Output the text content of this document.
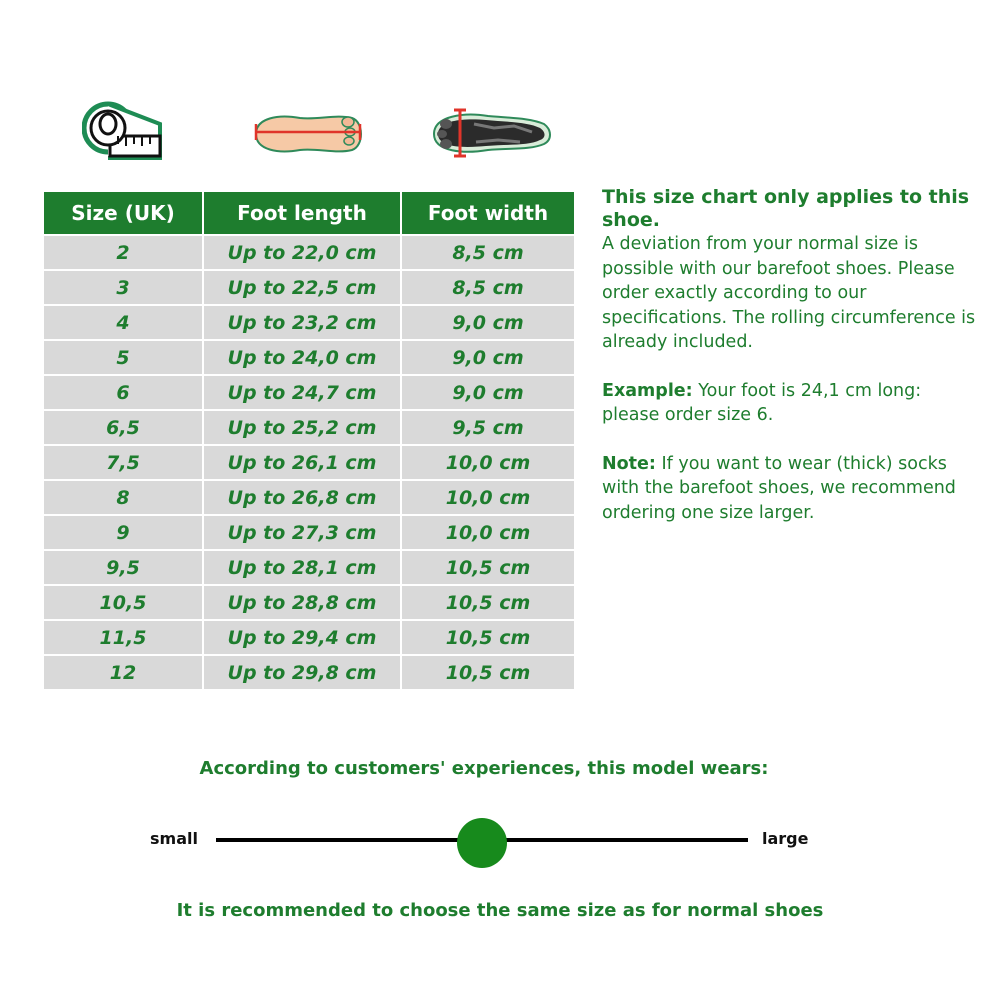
Size (UK)	Foot length	Foot width
2	Up to 22,0 cm	8,5 cm
3	Up to 22,5 cm	8,5 cm
4	Up to 23,2 cm	9,0 cm
5	Up to 24,0 cm	9,0 cm
6	Up to 24,7 cm	9,0 cm
6,5	Up to 25,2 cm	9,5 cm
7,5	Up to 26,1 cm	10,0 cm
8	Up to 26,8 cm	10,0 cm
9	Up to 27,3 cm	10,0 cm
9,5	Up to 28,1 cm	10,5 cm
10,5	Up to 28,8 cm	10,5 cm
11,5	Up to 29,4 cm	10,5 cm
12	Up to 29,8 cm	10,5 cm

This size chart only applies to this shoe.

A deviation from your normal size is possible with our barefoot shoes. Please order exactly according to our specifications. The rolling circumference is already included.

Example: Your foot is 24,1 cm long: please order size 6.

Note: If you want to wear (thick) socks with the barefoot shoes, we recommend ordering one size larger.

According to customers' experiences, this model wears:
small	large
It is recommended to choose the same size as for normal shoes
